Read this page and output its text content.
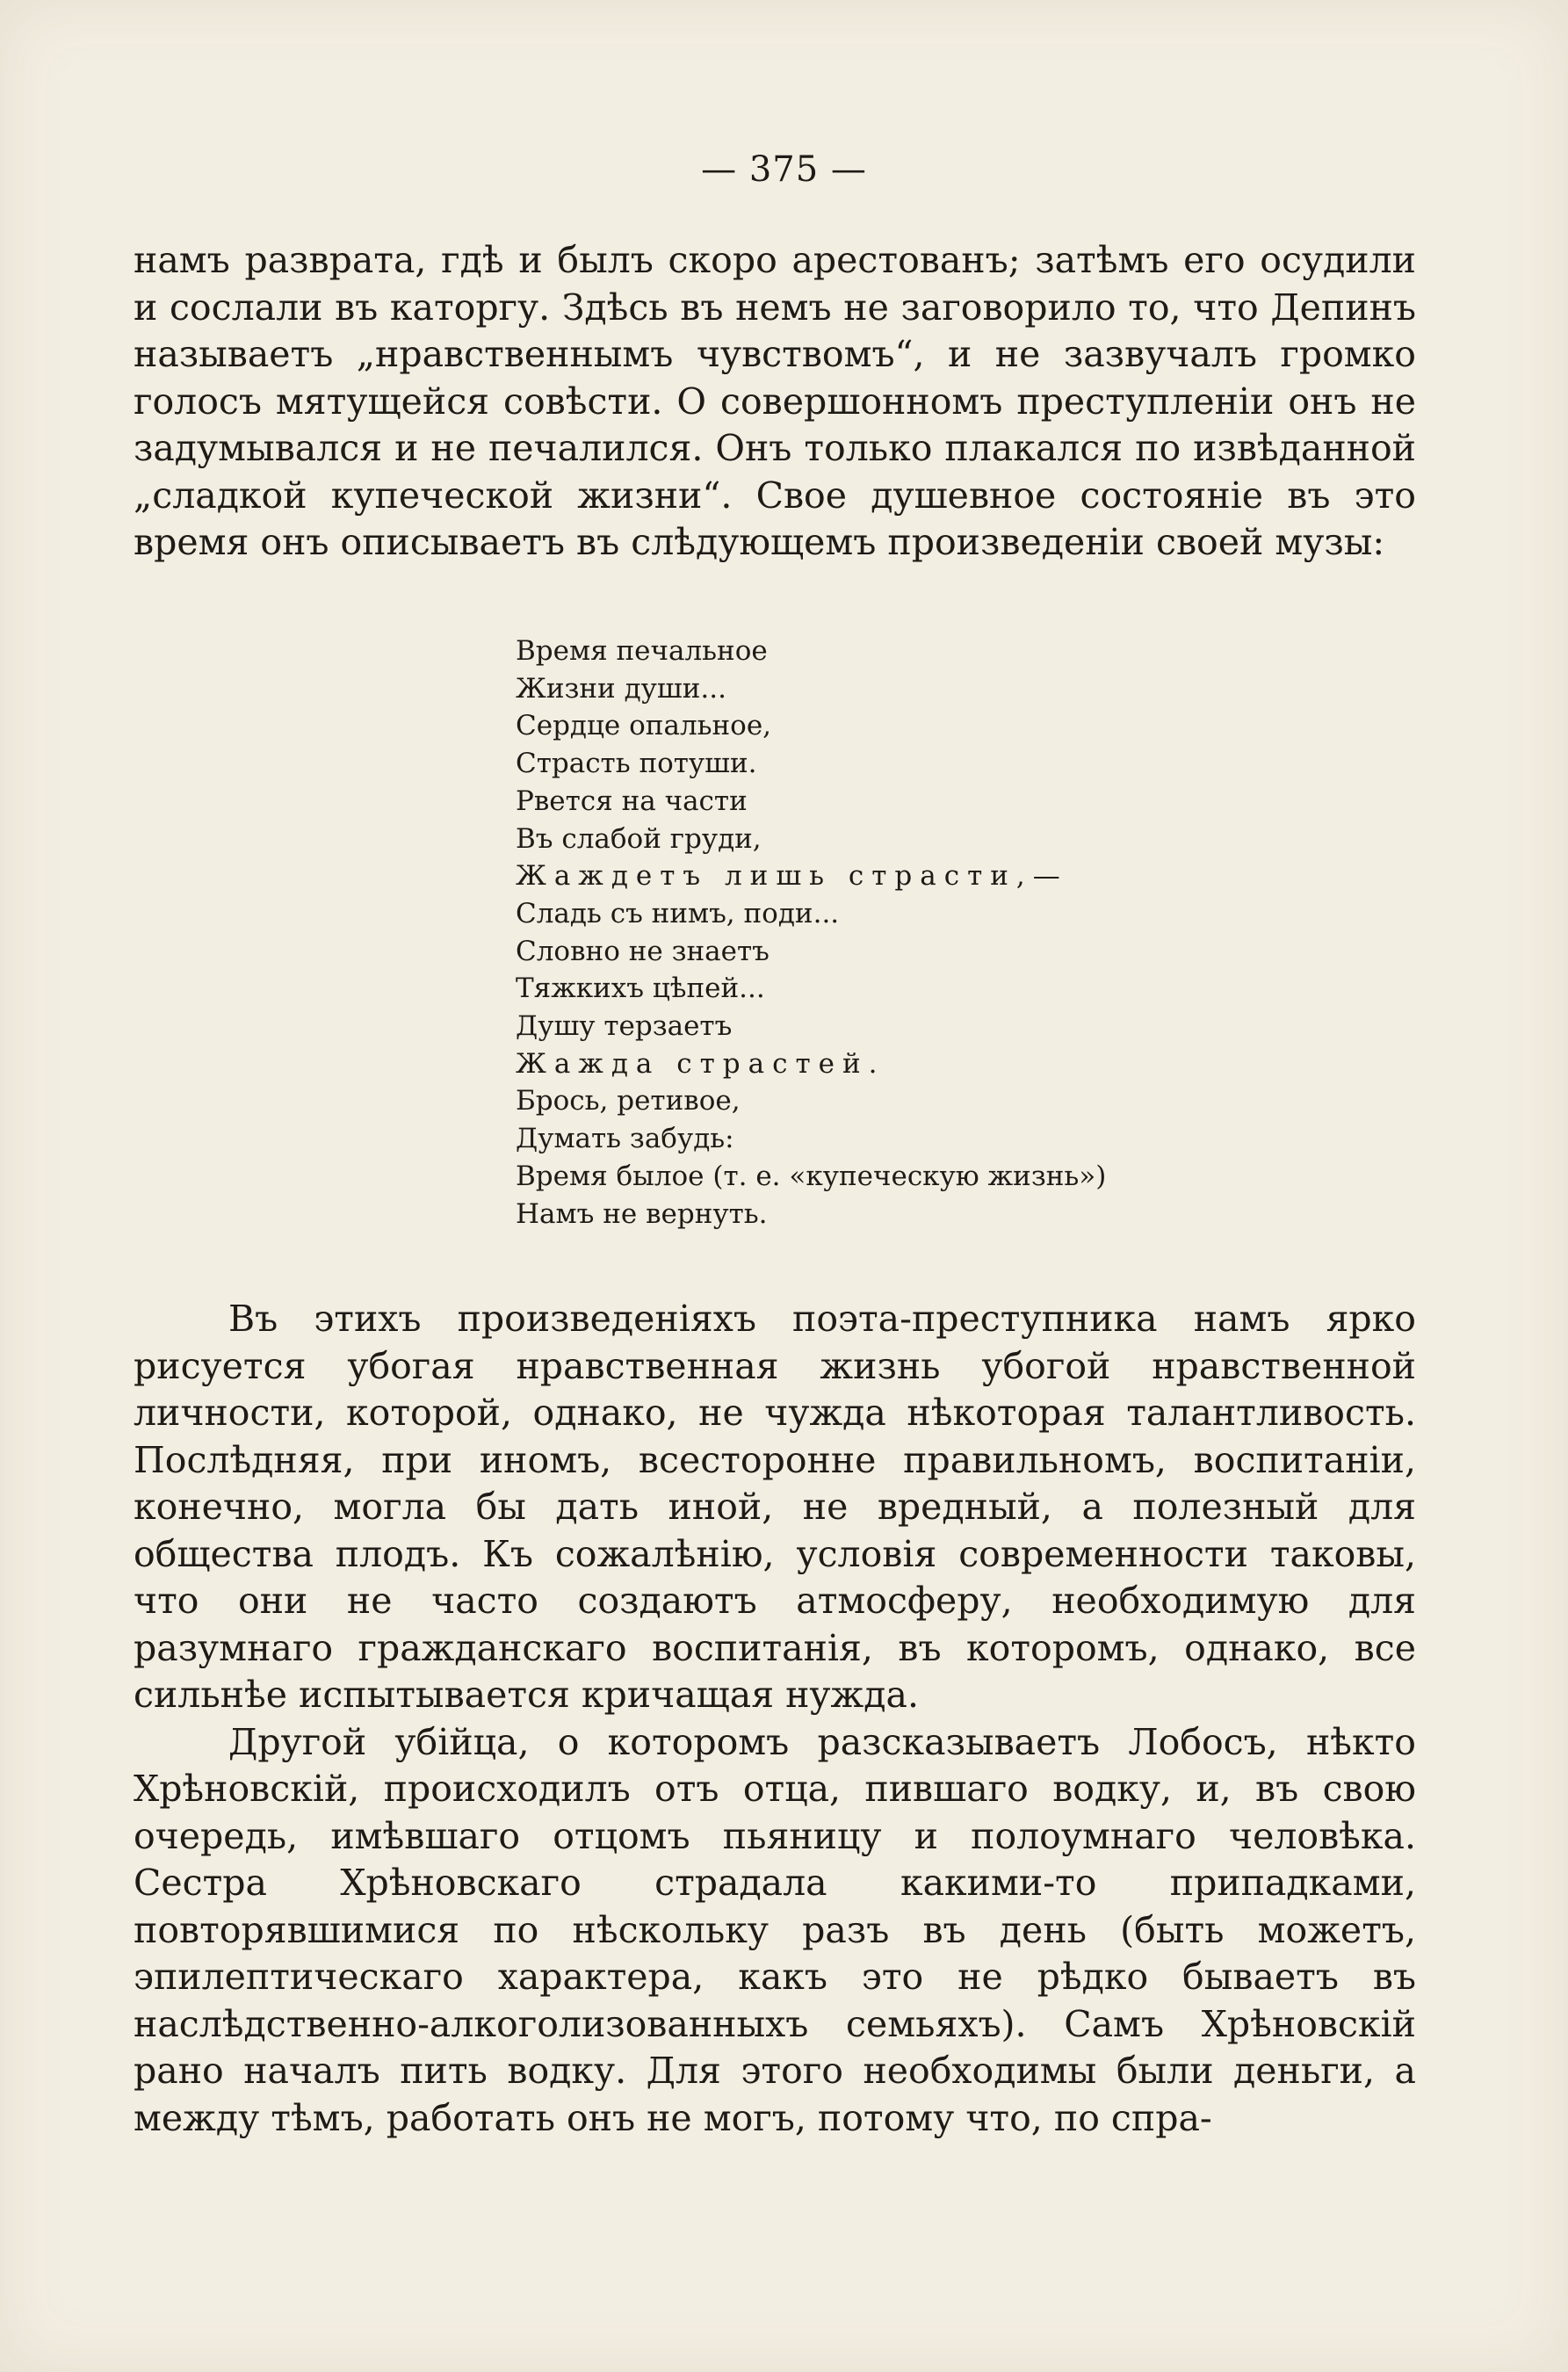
— 375 —

намъ разврата, гдѣ и былъ скоро арестованъ; затѣмъ его осудили и сослали въ каторгу. Здѣсь въ немъ не заговорило то, что Депинъ называетъ „нравственнымъ чувствомъ“, и не зазвучалъ громко голосъ мятущейся совѣсти. О совершонномъ преступленіи онъ не задумывался и не печалился. Онъ только плакался по извѣданной „сладкой купеческой жизни“. Свое душевное состояніе въ это время онъ описываетъ въ слѣдующемъ произведеніи своей музы:

Время печальное
Жизни души...
Сердце опальное,
Страсть потуши.
Рвется на части
Въ слабой груди,
Жаждетъ лишь страсти,—
Сладь съ нимъ, поди...
Словно не знаетъ
Тяжкихъ цѣпей...
Душу терзаетъ
Жажда страстей.
Брось, ретивое,
Думать забудь:
Время былое (т. е. «купеческую жизнь»)
Намъ не вернуть.

Въ этихъ произведеніяхъ поэта-преступника намъ ярко рисуется убогая нравственная жизнь убогой нравственной личности, которой, однако, не чужда нѣкоторая талантливость. Послѣдняя, при иномъ, всесторонне правильномъ, воспитаніи, конечно, могла бы дать иной, не вредный, а полезный для общества плодъ. Къ сожалѣнію, условія современности таковы, что они не часто создаютъ атмосферу, необходимую для разумнаго гражданскаго воспитанія, въ которомъ, однако, все сильнѣе испытывается кричащая нужда.

Другой убійца, о которомъ разсказываетъ Лобосъ, нѣкто Хрѣновскій, происходилъ отъ отца, пившаго водку, и, въ свою очередь, имѣвшаго отцомъ пьяницу и полоумнаго человѣка. Сестра Хрѣновскаго страдала какими-то припадками, повторявшимися по нѣскольку разъ въ день (быть можетъ, эпилептическаго характера, какъ это не рѣдко бываетъ въ наслѣдственно-алкоголизованныхъ семьяхъ). Самъ Хрѣновскій рано началъ пить водку. Для этого необходимы были деньги, а между тѣмъ, работать онъ не могъ, потому что, по спра-
